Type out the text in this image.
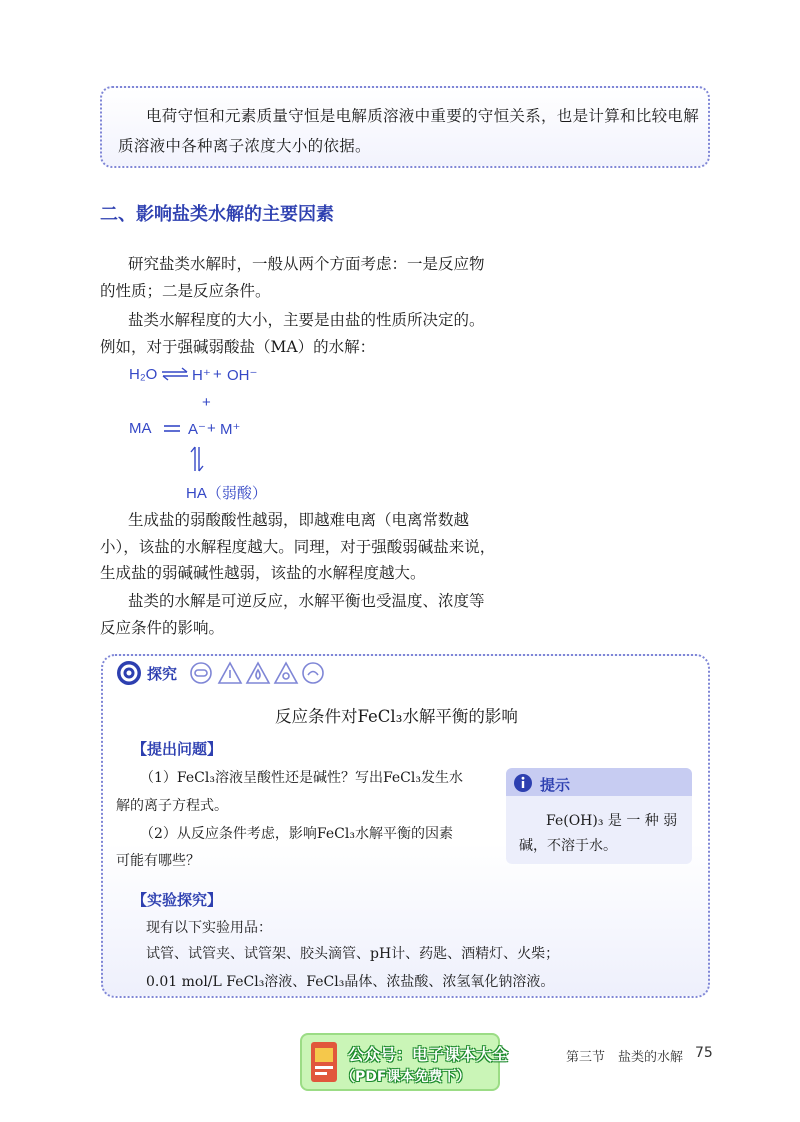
电荷守恒和元素质量守恒是电解质溶液中重要的守恒关系，也是计算和比较电解
质溶液中各种离子浓度大小的依据。
二、影响盐类水解的主要因素
研究盐类水解时，一般从两个方面考虑：一是反应物
的性质；二是反应条件。
盐类水解程度的大小，主要是由盐的性质所决定的。
例如，对于强碱弱酸盐（MA）的水解：
H₂O ⇌ H⁺ + OH⁻
+
MA A⁻ + M⁺
HA（弱酸）
生成盐的弱酸酸性越弱，即越难电离（电离常数越
小），该盐的水解程度越大。同理，对于强酸弱碱盐来说，
生成盐的弱碱碱性越弱，该盐的水解程度越大。
盐类的水解是可逆反应，水解平衡也受温度、浓度等
反应条件的影响。
探究
反应条件对FeCl₃水解平衡的影响
【提出问题】
（1）FeCl₃溶液呈酸性还是碱性？写出FeCl₃发生水
解的离子方程式。
（2）从反应条件考虑，影响FeCl₃水解平衡的因素
可能有哪些？
提示
Fe(OH)₃ 是 一 种 弱
碱，不溶于水。
【实验探究】
现有以下实验用品：
试管、试管夹、试管架、胶头滴管、pH计、药匙、酒精灯、火柴；
0.01 mol/L FeCl₃溶液、FeCl₃晶体、浓盐酸、浓氢氧化钠溶液。
第三节　盐类的水解 75
公众号：电子课本大全
（PDF课本免费下）
